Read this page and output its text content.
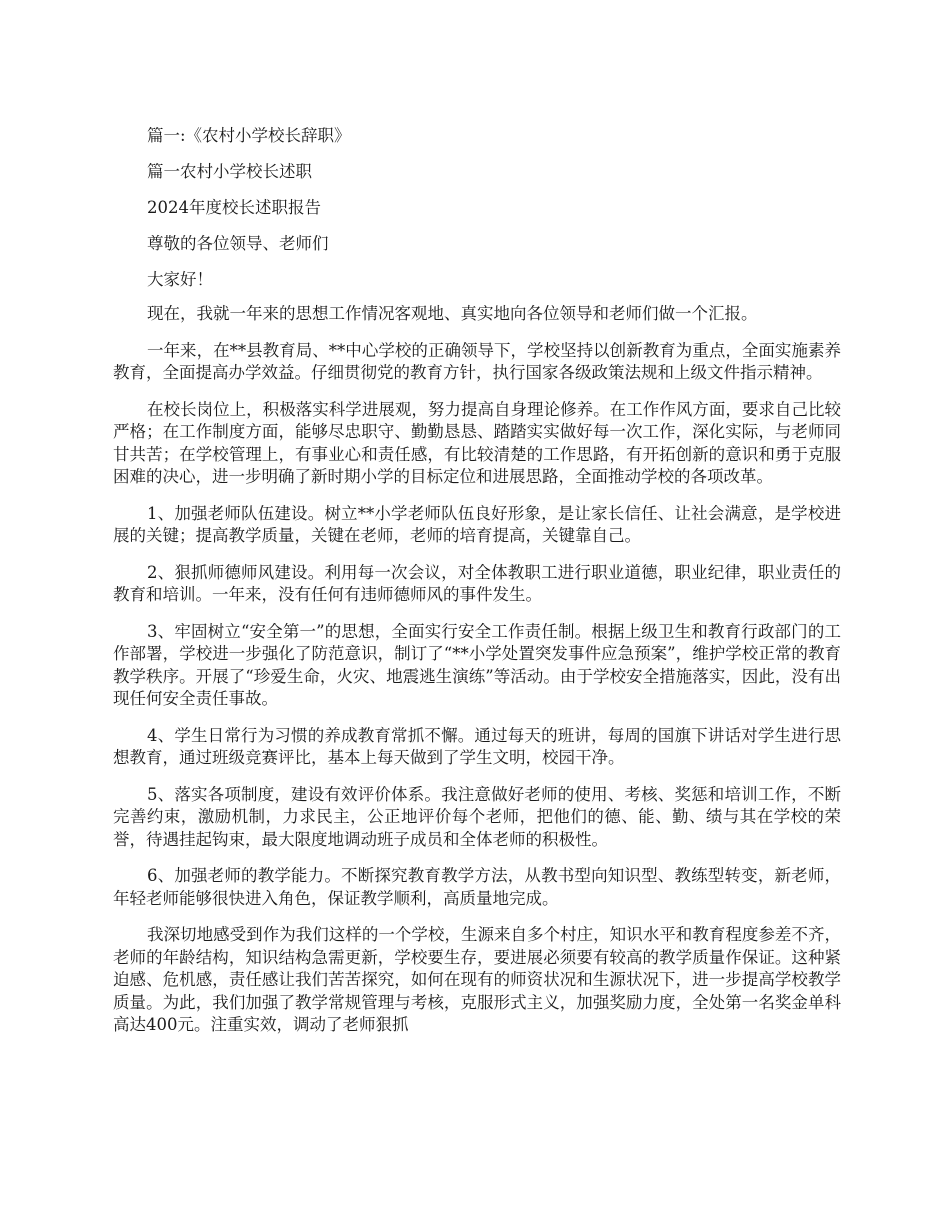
篇一:《农村小学校长辞职》
篇一农村小学校长述职
2024年度校长述职报告
尊敬的各位领导、老师们
大家好！

现在，我就一年来的思想工作情况客观地、真实地向各位领导和老师们做一个汇报。

一年来，在**县教育局、**中心学校的正确领导下，学校坚持以创新教育为重点，全面实施素养教育，全面提高办学效益。仔细贯彻党的教育方针，执行国家各级政策法规和上级文件指示精神。

在校长岗位上，积极落实科学进展观，努力提高自身理论修养。在工作作风方面，要求自己比较严格；在工作制度方面，能够尽忠职守、勤勤恳恳、踏踏实实做好每一次工作，深化实际，与老师同甘共苦；在学校管理上，有事业心和责任感，有比较清楚的工作思路，有开拓创新的意识和勇于克服困难的决心，进一步明确了新时期小学的目标定位和进展思路，全面推动学校的各项改革。

1、加强老师队伍建设。树立**小学老师队伍良好形象，是让家长信任、让社会满意，是学校进展的关键；提高教学质量，关键在老师，老师的培育提高，关键靠自己。

2、狠抓师德师风建设。利用每一次会议，对全体教职工进行职业道德，职业纪律，职业责任的教育和培训。一年来，没有任何有违师德师风的事件发生。

3、牢固树立“安全第一”的思想，全面实行安全工作责任制。根据上级卫生和教育行政部门的工作部署，学校进一步强化了防范意识，制订了“**小学处置突发事件应急预案”，维护学校正常的教育教学秩序。开展了“珍爱生命，火灾、地震逃生演练”等活动。由于学校安全措施落实，因此，没有出现任何安全责任事故。

4、学生日常行为习惯的养成教育常抓不懈。通过每天的班讲，每周的国旗下讲话对学生进行思想教育，通过班级竞赛评比，基本上每天做到了学生文明，校园干净。

5、落实各项制度，建设有效评价体系。我注意做好老师的使用、考核、奖惩和培训工作，不断完善约束，激励机制，力求民主，公正地评价每个老师，把他们的德、能、勤、绩与其在学校的荣誉，待遇挂起钩束，最大限度地调动班子成员和全体老师的积极性。

6、加强老师的教学能力。不断探究教育教学方法，从教书型向知识型、教练型转变，新老师，年轻老师能够很快进入角色，保证教学顺利，高质量地完成。

我深切地感受到作为我们这样的一个学校，生源来自多个村庄，知识水平和教育程度参差不齐，老师的年龄结构，知识结构急需更新，学校要生存，要进展必须要有较高的教学质量作保证。这种紧迫感、危机感，责任感让我们苦苦探究，如何在现有的师资状况和生源状况下，进一步提高学校教学质量。为此，我们加强了教学常规管理与考核，克服形式主义，加强奖励力度，全处第一名奖金单科高达400元。注重实效，调动了老师狠抓
